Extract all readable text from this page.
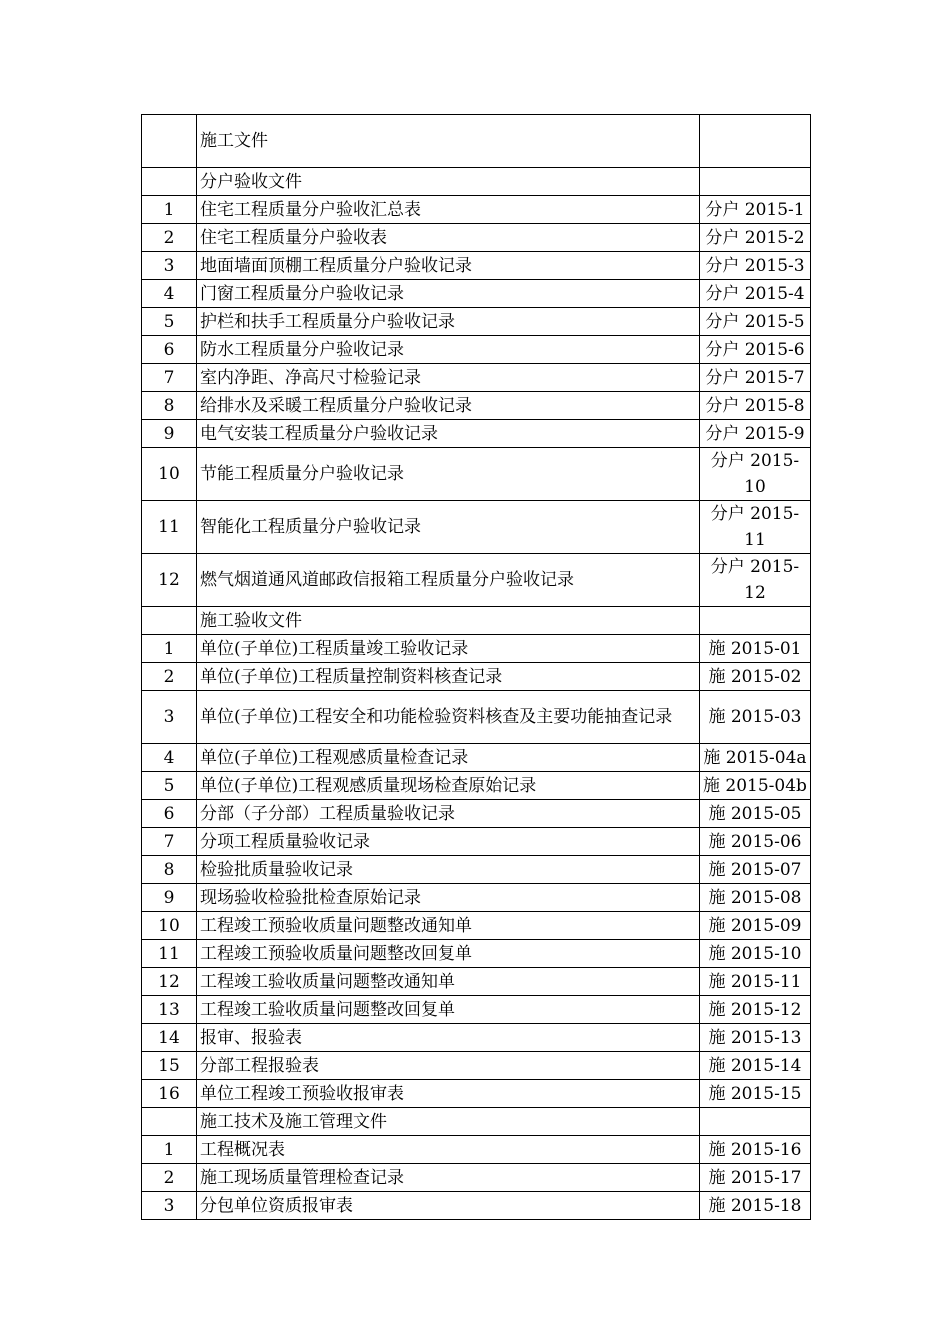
	施工文件	
	分户验收文件	
1	住宅工程质量分户验收汇总表	分户 2015-1
2	住宅工程质量分户验收表	分户 2015-2
3	地面墙面顶棚工程质量分户验收记录	分户 2015-3
4	门窗工程质量分户验收记录	分户 2015-4
5	护栏和扶手工程质量分户验收记录	分户 2015-5
6	防水工程质量分户验收记录	分户 2015-6
7	室内净距、净高尺寸检验记录	分户 2015-7
8	给排水及采暖工程质量分户验收记录	分户 2015-8
9	电气安装工程质量分户验收记录	分户 2015-9
10	节能工程质量分户验收记录	分户 2015-10
11	智能化工程质量分户验收记录	分户 2015-11
12	燃气烟道通风道邮政信报箱工程质量分户验收记录	分户 2015-12
	施工验收文件	
1	单位(子单位)工程质量竣工验收记录	施 2015-01
2	单位(子单位)工程质量控制资料核查记录	施 2015-02
3	单位(子单位)工程安全和功能检验资料核查及主要功能抽查记录	施 2015-03
4	单位(子单位)工程观感质量检查记录	施 2015-04a
5	单位(子单位)工程观感质量现场检查原始记录	施 2015-04b
6	分部（子分部）工程质量验收记录	施 2015-05
7	分项工程质量验收记录	施 2015-06
8	检验批质量验收记录	施 2015-07
9	现场验收检验批检查原始记录	施 2015-08
10	工程竣工预验收质量问题整改通知单	施 2015-09
11	工程竣工预验收质量问题整改回复单	施 2015-10
12	工程竣工验收质量问题整改通知单	施 2015-11
13	工程竣工验收质量问题整改回复单	施 2015-12
14	报审、报验表	施 2015-13
15	分部工程报验表	施 2015-14
16	单位工程竣工预验收报审表	施 2015-15
	施工技术及施工管理文件	
1	工程概况表	施 2015-16
2	施工现场质量管理检查记录	施 2015-17
3	分包单位资质报审表	施 2015-18
